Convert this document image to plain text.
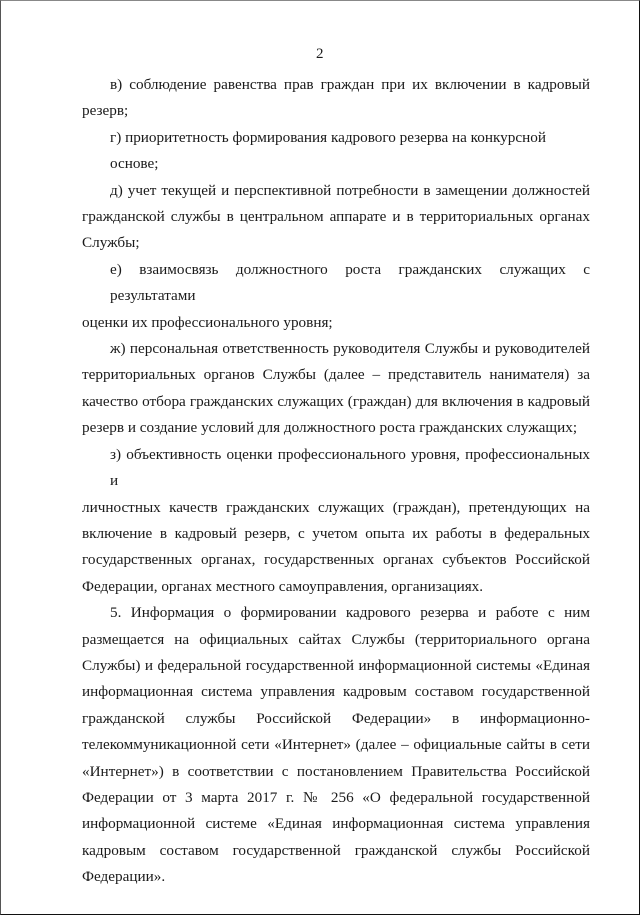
2

в) соблюдение равенства прав граждан при их включении в кадровый
резерв;

г) приоритетность формирования кадрового резерва на конкурсной основе;

д) учет текущей и перспективной потребности в замещении должностей
гражданской службы в центральном аппарате и в территориальных органах
Службы;

е) взаимосвязь должностного роста гражданских служащих с результатами
оценки их профессионального уровня;

ж) персональная ответственность руководителя Службы и руководителей
территориальных органов Службы (далее – представитель нанимателя) за
качество отбора гражданских служащих (граждан) для включения в кадровый
резерв и создание условий для должностного роста гражданских служащих;

з) объективность оценки профессионального уровня, профессиональных и
личностных качеств гражданских служащих (граждан), претендующих на
включение в кадровый резерв, с учетом опыта их работы в федеральных
государственных органах, государственных органах субъектов Российской
Федерации, органах местного самоуправления, организациях.

5. Информация о формировании кадрового резерва и работе с ним
размещается на официальных сайтах Службы (территориального органа
Службы) и федеральной государственной информационной системы «Единая
информационная система управления кадровым составом государственной
гражданской службы Российской Федерации» в информационно-
телекоммуникационной сети «Интернет» (далее – официальные сайты в сети
«Интернет») в соответствии с постановлением Правительства Российской
Федерации от 3 марта 2017 г. № 256 «О федеральной государственной
информационной системе «Единая информационная система управления
кадровым составом государственной гражданской службы Российской
Федерации».
